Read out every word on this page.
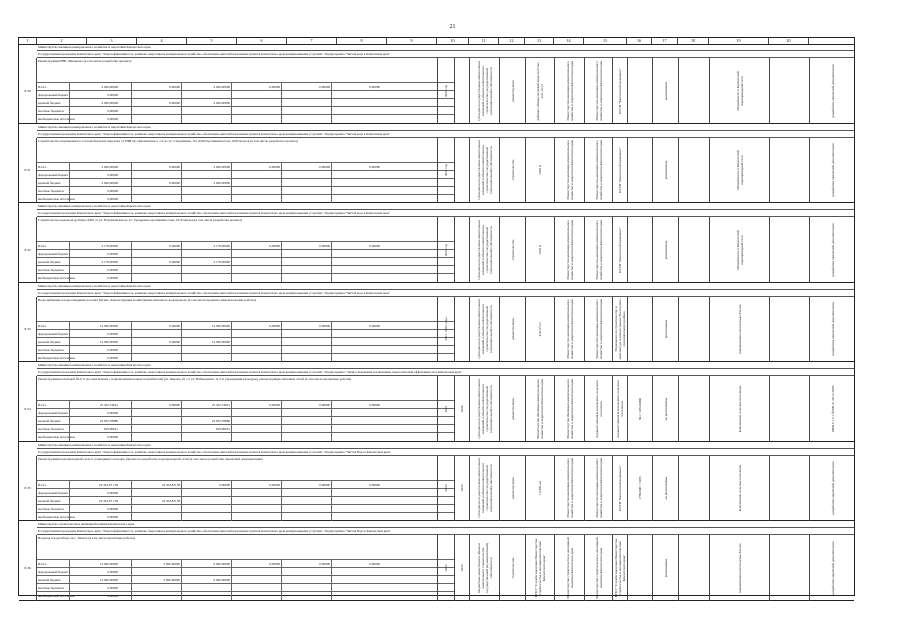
21
1	2	3	4	5	6	7	8	9	10	11	12	13	14	15	16	17	18	19	20
8.30
Министерство жилищно-коммунального хозяйства и энергетики Камчатского края
Государственная программа Камчатского края "Энергоэффективность, развитие энергетики и коммунального хозяйства, обеспечение жителей населенных пунктов Камчатского края коммунальными услугами". Подпрограмма "Чистая вода в Камчатском крае"
Реконструкция ВНС Мильково (в том числе разработка проекта)
Итого	4 000,00000	0,00000	4 000,00000	0,00000	0,00000	0,00000
федеральный бюджет	0,00000
краевой бюджет	4 000,00000	0,00000	4 000,00000
местные бюджеты	0,00000
внебюджетные источники	0,00000
2021 год	субсидии на осуществление капитальных вложений в объекты капитального строительства государственной (муниципальной) собственности	реконструкция	дефицит объема питьевой воды 0,23 тыс. куб. м/сут	Министерство жилищно-коммунального хозяйства и энергетики Камчатского края	Министерство жилищно-коммунального хозяйства и энергетики Камчатского края	КГУП "Камчатский водоканал"	реализованы	Потребности в Камчатской водопроводной сети	разработка проектной документации
8.31
Министерство жилищно-коммунального хозяйства и энергетики Камчатского края
Государственная программа Камчатского края "Энергоэффективность, развитие энергетики и коммунального хозяйства, обеспечение жителей населенных пунктов Камчатского края коммунальными услугами". Подпрограмма "Чистая вода в Камчатском крае"
Строительство перемычки по Сосновоборному переулку от РЧВ пр. Циолковского, 1/2 до ул. Спортивная, 11а Д300 протяженностью 1050 метров (в том числе разработка проекта)
Итого	3 600,00000	0,00000	3 600,00000	0,00000	0,00000	0,00000
федеральный бюджет	0,00000
краевой бюджет	3 600,00000	0,00000	3 600,00000
местные бюджеты	0,00000
внебюджетные источники	0,00000
2021 год	субсидии на осуществление капитальных вложений в объекты капитального строительства государственной (муниципальной) собственности	строительство	1050 м	Министерство жилищно-коммунального хозяйства и энергетики Камчатского края	Министерство жилищно-коммунального хозяйства и энергетики Камчатского края	КГУП "Камчатский водоканал"	реализованы	Потребности в Камчатской водопроводной сети	разработка проектной документации
8.32
Министерство жилищно-коммунального хозяйства и энергетики Камчатского края
Государственная программа Камчатского края "Энергоэффективность, развитие энергетики и коммунального хозяйства, обеспечение жителей населенных пунктов Камчатского края коммунальными услугами". Подпрограмма "Чистая вода в Камчатском крае"
Строительство водовода-дублёра Д300 от ул. Партизанская до ул. Тундровая, протяжённостью 1070 метров (в том числе разработка проекта)
Итого	3 170,00000	0,00000	3 170,00000	0,00000	0,00000	0,00000
федеральный бюджет	0,00000
краевой бюджет	3 170,00000	0,00000	3 170,00000
местные бюджеты	0,00000
внебюджетные источники	0,00000
2021 год	субсидии на осуществление капитальных вложений в объекты капитального строительства государственной (муниципальной) собственности	строительство	1070 м	Министерство жилищно-коммунального хозяйства и энергетики Камчатского края	Министерство жилищно-коммунального хозяйства и энергетики Камчатского края	КГУП "Камчатский водоканал"	реализованы	Потребности в Камчатской водопроводной сети	разработка проектной документации
8.33
Министерство жилищно-коммунального хозяйства и энергетики Камчатского края
Государственная программа Камчатского края "Энергоэффективность, развитие энергетики и коммунального хозяйства, обеспечение жителей населенных пунктов Камчатского края коммунальными услугами". Подпрограмма "Чистая вода в Камчатском крае"
Водоснабжение и водоотведение поселка Тигиль. Реконструкция хозяйственно-питьевого водопровода (в том числе проектно-изыскательские работы)
Итого	14 000,00000	0,00000	14 000,00000	0,00000	0,00000	0,00000
федеральный бюджет	0,00000
краевой бюджет	14 000,00000	0,00000	14 000,00000
местные бюджеты	0,00000
внебюджетные источники	0,00000
2021 -2022 годы	субсидии на осуществление капитальных вложений в объекты капитального строительства государственной (муниципальной) собственности	реконструкция	410 м³/сут	Министерство жилищно-коммунального хозяйства и энергетики Камчатского края	Министерство жилищно-коммунального хозяйства и энергетики Камчатского края	Управление по строительству и архитектуре Администрации Тигильского муниципального района	реализованы	нормативная очистка воды Тигиль	разработка проектной документации
8.34
Министерство жилищно-коммунального хозяйства и энергетики Камчатского края
Государственная программа Камчатского края "Энергоэффективность, развитие энергетики и коммунального хозяйства, обеспечение жителей населенных пунктов Камчатского края коммунальными услугами". Подпрограмма "Энергосбережение и повышение энергетической эффективности в Камчатском крае"
Реконструкция котельной №37 в поселке Ключи с подключением новых потребителей (ул. Кирова, 61 с/з ул. Набережная, 11-3 и учреждения культуры), реконструкция тепловых сетей (в том числе проектные работы)
Итого	25 452,74921	0,00000	25 452,74921	0,00000	0,00000	0,00000
федеральный бюджет	0,00000
краевой бюджет	24 632,78880	24 632,78880
местные бюджеты	819,96041	819,96041
внебюджетные источники	0,00000
2021	2024	субсидии на осуществление капитальных вложений в объекты капитального строительства государственной (муниципальной) собственности	реконструкция	Министерство Жилищно-коммунального хозяйства и энергетики Камчатского края	Министерство Жилищно-коммунального хозяйства и энергетики Камчатского края	Администрация Ключевского сельского поселения	Администрация Ключевского сельского поселения	941 / 108,20000	не реализованы	Ключевское сельское поселение	АИП 3.1.5.1 №649 от 30.12.2020
8.35
Министерство жилищно-коммунального хозяйства и энергетики Камчатского края
Государственная программа Камчатского края "Энергоэффективность, развитие энергетики и коммунального хозяйства, обеспечение жителей населенных пунктов Камчатского края коммунальными услугами". Подпрограмма "Чистая Вода в Камчатском крае"
Реконструкция водопроводной сети от разводящего колодца (проект на разработку водопроводной сети) (в том числе разработка проектной документации)
Итого	23 452,87 156	23 452,87156	0,00000	0,00000	0,00000	0,00000
федеральный бюджет	0,00000
краевой бюджет	23 452,87 156	23 452,87156
местные бюджеты	0,00000
внебюджетные источники	0,00000
2023	2025	субсидии на осуществление капитальных вложений в объекты капитального строительства государственной (муниципальной) собственности	реконструкция	12,885 км	Министерство жилищно-коммунального хозяйства и энергетики Камчатского края	Министерство жилищно-коммунального хозяйства и энергетики Камчатского края	КГУП "Камчатский водоканал"	1789,846 / 7,065	не реализованы	Ключевское сельское поселение	разработка проектной документации
8.36
Министерство строительства и жилищной политики Камчатского края
Государственная программа Камчатского края "Энергоэффективность, развитие энергетики и коммунального хозяйства, обеспечение жителей населенных пунктов Камчатского края коммунальными услугами". Подпрограмма "Чистая Вода в Камчатском крае"
Водовод к водозабору пос. Тигиль (в том числе проектные работы)
Итого	14 000,00000	5 000,00000	9 000,00000	0,00000	0,00000	0,00000
федеральный бюджет	0,00000
краевой бюджет	14 000,00000	5 000,00000	9 000,00000
местные бюджеты	0,00000
внебюджетные источники	0,00000
2023	2025	бюджетные инвестиции в объекты капитального строительства государственной (муниципальной) собственности	строительство	КГКУ "Служба заказчика Министерства строительства и жилищной политики Камчатского края"	Министерство строительства и жилищной политики Камчатского края	Министерство строительства и жилищной политики Камчатского края	КГКУ "Служба заказчика Министерства строительства и жилищной политики Камчатского края"	реализованы	нормативная очистка воды Тигиль	разработка проектной документации
